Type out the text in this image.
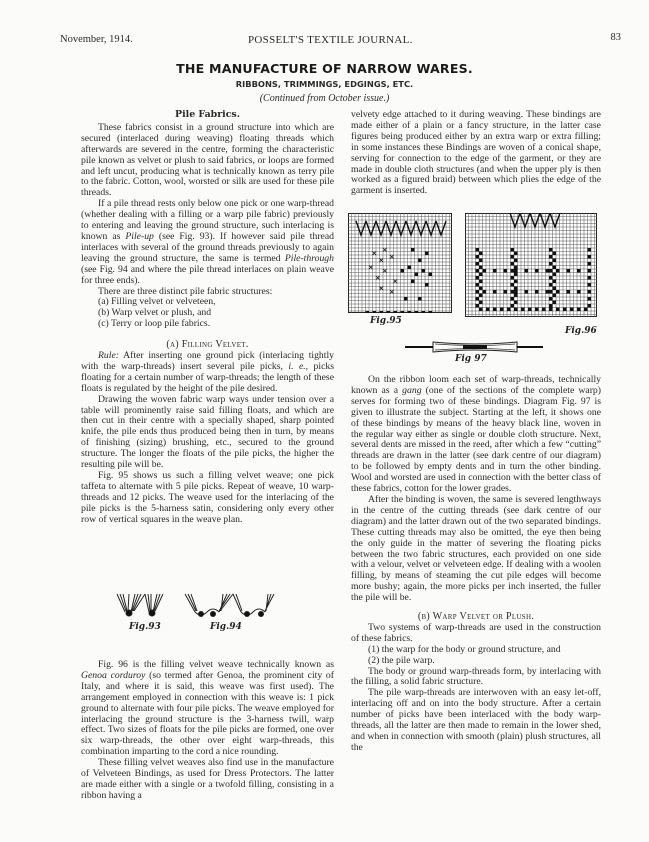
November, 1914.	POSSELT'S TEXTILE JOURNAL.	83
THE MANUFACTURE OF NARROW WARES.
RIBBONS, TRIMMINGS, EDGINGS, ETC.
(Continued from October issue.)
Pile Fabrics.

These fabrics consist in a ground structure into which are secured (interlaced during weaving) floating threads which afterwards are severed in the centre, forming the characteristic pile known as velvet or plush to said fabrics, or loops are formed and left uncut, producing what is technically known as terry pile to the fabric. Cotton, wool, worsted or silk are used for these pile threads.

If a pile thread rests only below one pick or one warp-thread (whether dealing with a filling or a warp pile fabric) previously to entering and leaving the ground structure, such interlacing is known as Pile-up (see Fig. 93). If however said pile thread interlaces with several of the ground threads previously to again leaving the ground structure, the same is termed Pile-through (see Fig. 94 and where the pile thread interlaces on plain weave for three ends).

There are three distinct pile fabric structures:

(a) Filling velvet or velveteen,

(b) Warp velvet or plush, and

(c) Terry or loop pile fabrics.

(a) Filling Velvet.

Rule: After inserting one ground pick (interlacing tightly with the warp-threads) insert several pile picks, i. e., picks floating for a certain number of warp-threads; the length of these floats is regulated by the height of the pile desired.

Drawing the woven fabric warp ways under tension over a table will prominently raise said filling floats, and which are then cut in their centre with a specially shaped, sharp pointed knife, the pile ends thus produced being then in turn, by means of finishing (sizing) brushing, etc., secured to the ground structure. The longer the floats of the pile picks, the higher the resulting pile will be.

Fig. 95 shows us such a filling velvet weave; one pick taffeta to alternate with 5 pile picks. Repeat of weave, 10 warp-threads and 12 picks. The weave used for the interlacing of the pile picks is the 5-harness satin, considering only every other row of vertical squares in the weave plan.

Fig.93	Fig.94

Fig. 96 is the filling velvet weave technically known as Genoa corduroy (so termed after Genoa, the prominent city of Italy, and where it is said, this weave was first used). The arrangement employed in connection with this weave is: 1 pick ground to alternate with four pile picks. The weave employed for interlacing the ground structure is the 3-harness twill, warp effect. Two sizes of floats for the pile picks are formed, one over six warp-threads, the other over eight warp-threads, this combination imparting to the cord a nice rounding.

These filling velvet weaves also find use in the manufacture of Velveteen Bindings, as used for Dress Protectors. The latter are made either with a single or a twofold filling, consisting in a ribbon having a

velvety edge attached to it during weaving. These bindings are made either of a plain or a fancy structure, in the latter case figures being produced either by an extra warp or extra filling; in some instances these Bindings are woven of a conical shape, serving for connection to the edge of the garment, or they are made in double cloth structures (and when the upper ply is then worked as a figured braid) between which plies the edge of the garment is inserted.

Fig.95
Fig.96
Fig 97

On the ribbon loom each set of warp-threads, technically known as a gang (one of the sections of the complete warp) serves for forming two of these bindings. Diagram Fig. 97 is given to illustrate the subject. Starting at the left, it shows one of these bindings by means of the heavy black line, woven in the regular way either as single or double cloth structure. Next, several dents are missed in the reed, after which a few “cutting” threads are drawn in the latter (see dark centre of our diagram) to be followed by empty dents and in turn the other binding. Wool and worsted are used in connection with the better class of these fabrics, cotton for the lower grades.

After the binding is woven, the same is severed lengthways in the centre of the cutting threads (see dark centre of our diagram) and the latter drawn out of the two separated bindings. These cutting threads may also be omitted, the eye then being the only guide in the matter of severing the floating picks between the two fabric structures, each provided on one side with a velour, velvet or velveteen edge. If dealing with a woolen filling, by means of steaming the cut pile edges will become more bushy; again, the more picks per inch inserted, the fuller the pile will be.

(b) Warp Velvet or Plush.

Two systems of warp-threads are used in the construction of these fabrics.

(1) the warp for the body or ground structure, and

(2) the pile warp.

The body or ground warp-threads form, by interlacing with the filling, a solid fabric structure.

The pile warp-threads are interwoven with an easy let-off, interlacing off and on into the body structure. After a certain number of picks have been interlaced with the body warp-threads, all the latter are then made to remain in the lower shed, and when in connection with smooth (plain) plush structures, all the
